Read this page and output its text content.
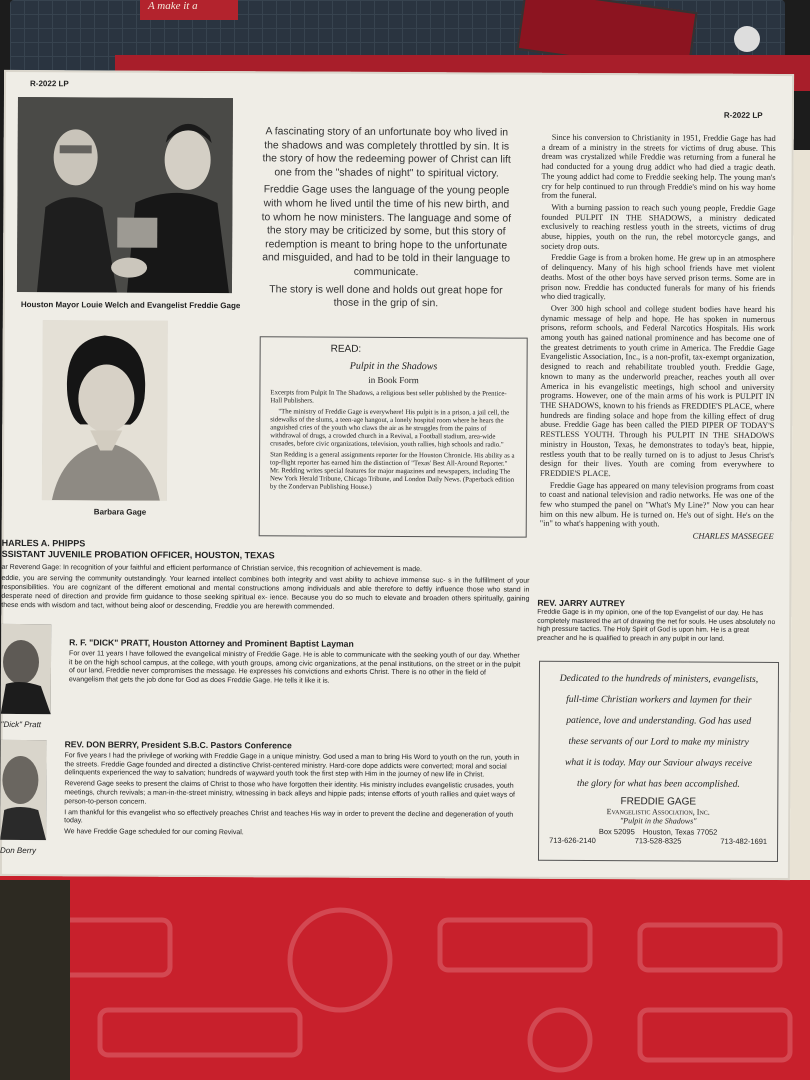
A make it a
R-2022 LP
R-2022 LP
Houston Mayor Louie Welch and Evangelist Freddie Gage
Barbara Gage

A fascinating story of an unfortunate boy who lived in the shadows and was completely throttled by sin. It is the story of how the redeeming power of Christ can lift one from the "shades of night" to spiritual victory.

Freddie Gage uses the language of the young people with whom he lived until the time of his new birth, and to whom he now ministers. The language and some of the story may be criticized by some, but this story of redemption is meant to bring hope to the unfortunate and misguided, and had to be told in their language to communicate.

The story is well done and holds out great hope for those in the grip of sin.

READ:
Pulpit in the Shadows
in Book Form
Excerpts from Pulpit In The Shadows, a religious best seller published by the Prentice-Hall Publishers.
"The ministry of Freddie Gage is everywhere! His pulpit is in a prison, a jail cell, the sidewalks of the slums, a teen-age hangout, a lonely hospital room where he hears the anguished cries of the youth who claws the air as he struggles from the pains of withdrawal of drugs, a crowded church in a Revival, a Football stadium, area-wide crusades, before civic organizations, television, youth rallies, high schools and radio."
Stan Redding is a general assignments reporter for the Houston Chronicle. His ability as a top-flight reporter has earned him the distinction of "Texas' Best All-Around Reporter." Mr. Redding writes special features for major magazines and newspapers, including The New York Herald Tribune, Chicago Tribune, and London Daily News. (Paperback edition by the Zondervan Publishing House.)
HARLES A. PHIPPS
SSISTANT JUVENILE PROBATION OFFICER, HOUSTON, TEXAS
ar Reverend Gage: In recognition of your faithful and efficient performance of Christian service, this recognition of achievement is made.
eddie, you are serving the community outstandingly. Your learned intellect combines both integrity and vast ability to achieve immense suc- s in the fulfillment of your responsibilities. You are cognizant of the different emotional and mental constructions among individuals and able therefore to deftly influence those who stand in desperate need of direction and provide firm guidance to those seeking spiritual ex- ience. Because you do so much to elevate and broaden others spiritually, gaining these ends with wisdom and tact, without being aloof or descending, Freddie you are herewith commended.
"Dick" Pratt
R. F. "DICK" PRATT, Houston Attorney and Prominent Baptist Layman

For over 11 years I have followed the evangelical ministry of Freddie Gage. He is able to communicate with the seeking youth of our day. Whether it be on the high school campus, at the college, with youth groups, among civic organizations, at the penal institutions, on the street or in the pulpit of our land, Freddie never compromises the message. He expresses his convictions and exhorts Christ. There is no other in the field of evangelism that gets the job done for God as does Freddie Gage. He tells it like it is.

Don Berry
REV. DON BERRY, President S.B.C. Pastors Conference

For five years I had the privilege of working with Freddie Gage in a unique ministry. God used a man to bring His Word to youth on the run, youth in the streets. Freddie Gage founded and directed a distinctive Christ-centered ministry. Hard-core dope addicts were converted; moral and social delinquents experienced the way to salvation; hundreds of wayward youth took the first step with Him in the journey of new life in Christ.

Reverend Gage seeks to present the claims of Christ to those who have forgotten their identity. His ministry includes evangelistic crusades, youth meetings, church revivals; a man-in-the-street ministry, witnessing in back alleys and hippie pads; intense efforts of youth rallies and quiet ways of person-to-person concern.

I am thankful for this evangelist who so effectively preaches Christ and teaches His way in order to prevent the decline and degeneration of youth today.

We have Freddie Gage scheduled for our coming Revival.

Since his conversion to Christianity in 1951, Freddie Gage has had a dream of a ministry in the streets for victims of drug abuse. This dream was crystalized while Freddie was returning from a funeral he had conducted for a young drug addict who had died a tragic death. The young addict had come to Freddie seeking help. The young man's cry for help continued to run through Freddie's mind on his way home from the funeral.

With a burning passion to reach such young people, Freddie Gage founded PULPIT IN THE SHADOWS, a ministry dedicated exclusively to reaching restless youth in the streets, victims of drug abuse, hippies, youth on the run, the rebel motorcycle gangs, and society drop outs.

Freddie Gage is from a broken home. He grew up in an atmosphere of delinquency. Many of his high school friends have met violent deaths. Most of the other boys have served prison terms. Some are in prison now. Freddie has conducted funerals for many of his friends who died tragically.

Over 300 high school and college student bodies have heard his dynamic message of help and hope. He has spoken in numerous prisons, reform schools, and Federal Narcotics Hospitals. His work among youth has gained national prominence and has become one of the greatest detriments to youth crime in America. The Freddie Gage Evangelistic Association, Inc., is a non-profit, tax-exempt organization, designed to reach and rehabilitate troubled youth. Freddie Gage, known to many as the underworld preacher, reaches youth all over America in his evangelistic meetings, high school and university programs. However, one of the main arms of his work is PULPIT IN THE SHADOWS, known to his friends as FREDDIE'S PLACE, where hundreds are finding solace and hope from the killing effect of drug abuse. Freddie Gage has been called the PIED PIPER OF TODAY'S RESTLESS YOUTH. Through his PULPIT IN THE SHADOWS ministry in Houston, Texas, he demonstrates to today's beat, hippie, restless youth that to be really turned on is to adjust to Jesus Christ's design for their lives. Youth are coming from everywhere to FREDDIE'S PLACE.

Freddie Gage has appeared on many television programs from coast to coast and national television and radio networks. He was one of the few who stumped the panel on "What's My Line?" Now you can hear him on this new album. He is turned on. He's out of sight. He's on the "in" to what's happening with youth.

CHARLES MASSEGEE
REV. JARRY AUTREY

Freddie Gage is in my opinion, one of the top Evangelist of our day. He has completely mastered the art of drawing the net for souls. He uses absolutely no high pressure tactics. The Holy Spirit of God is upon him. He is a great preacher and he is qualified to preach in any pulpit in our land.

Dedicated to the hundreds of ministers, evangelists,
full-time Christian workers and laymen for their
patience, love and understanding. God has used
these servants of our Lord to make my ministry
what it is today. May our Saviour always receive
the glory for what has been accomplished.
FREDDIE GAGE
Evangelistic Association, Inc.
"Pulpit in the Shadows"
Box 52095 Houston, Texas 77052
713-626-2140	713-528-8325	713-482-1691
